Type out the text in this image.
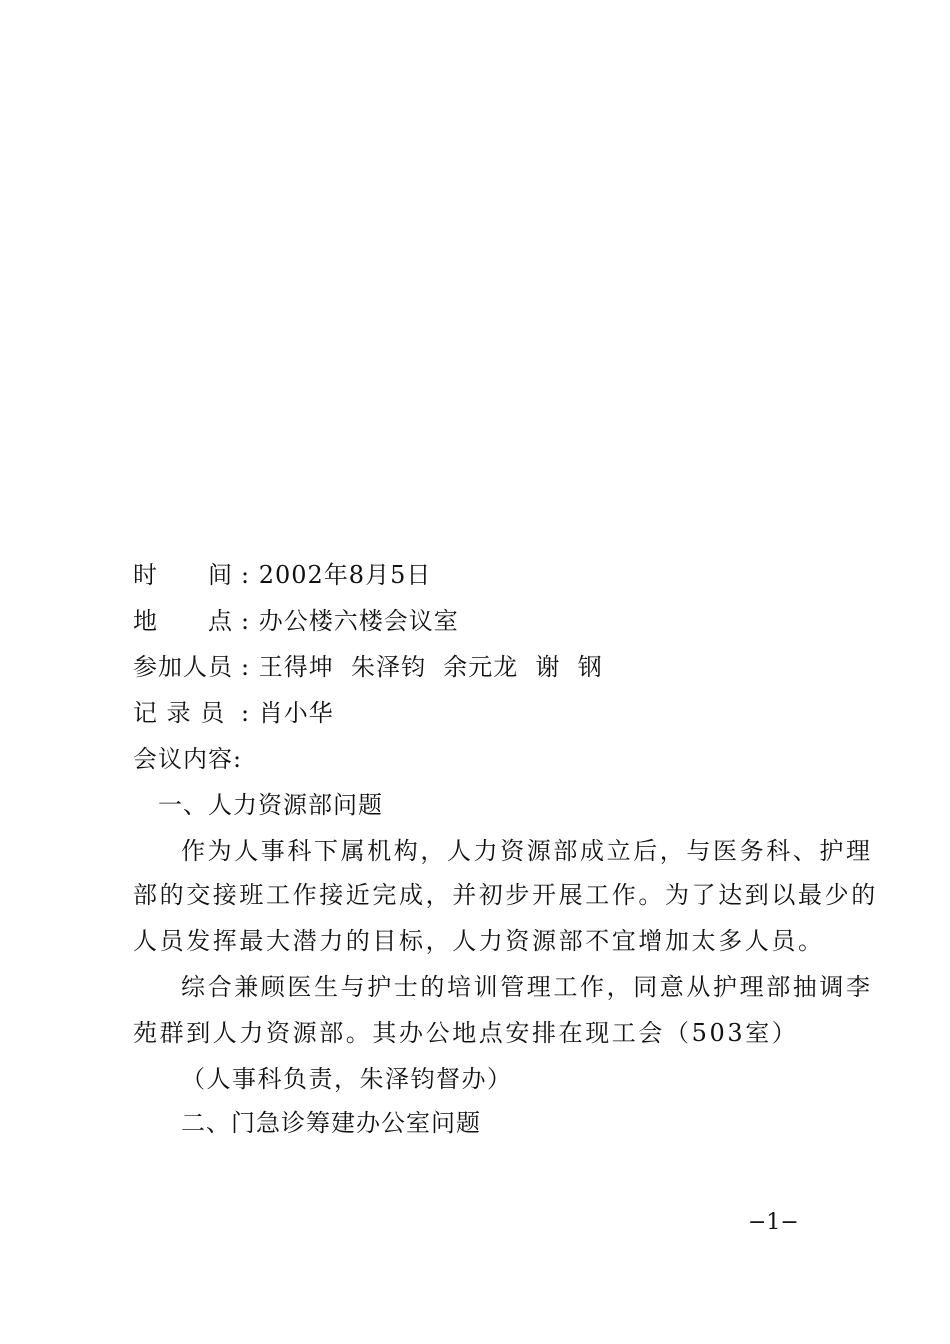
时　　间 : 2002年8月5日
地　　点 : 办公楼六楼会议室
参加人员 : 王得坤  朱泽钧  余元龙  谢  钢
记 录 员 : 肖小华
会议内容:
一、人力资源部问题
作为人事科下属机构，人力资源部成立后，与医务科、护理
部的交接班工作接近完成，并初步开展工作。为了达到以最少的
人员发挥最大潜力的目标，人力资源部不宜增加太多人员。
综合兼顾医生与护士的培训管理工作，同意从护理部抽调李
苑群到人力资源部。其办公地点安排在现工会（503室）
（人事科负责，朱泽钧督办）
二、门急诊筹建办公室问题
−1−
